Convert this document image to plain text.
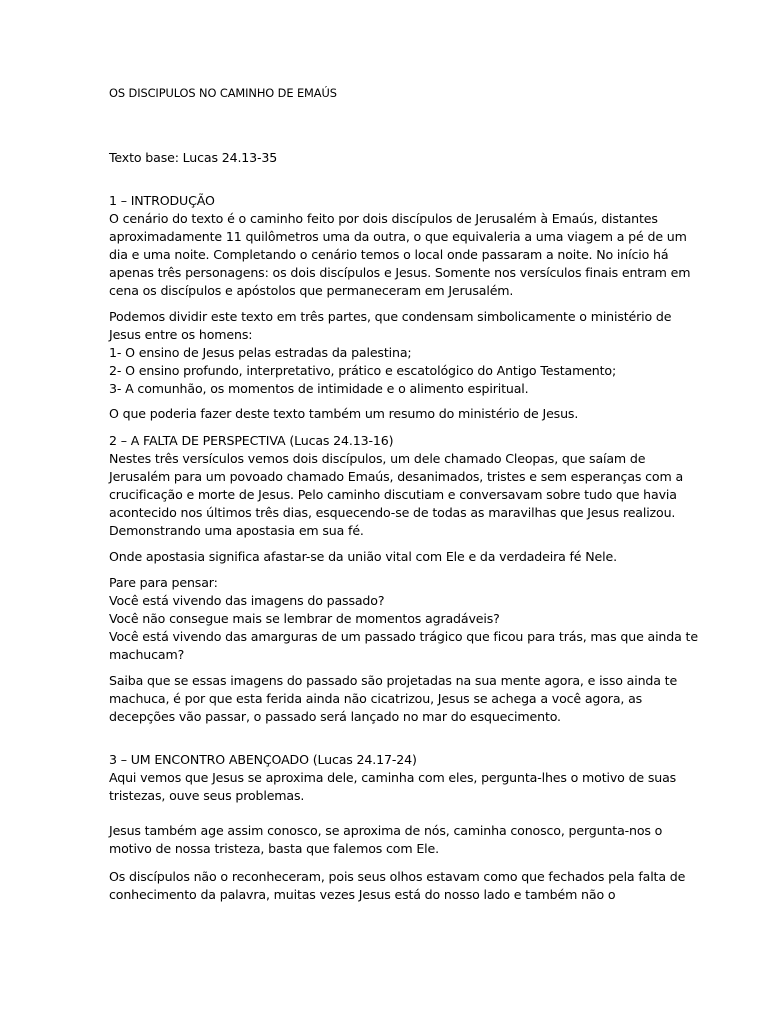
OS DISCIPULOS NO CAMINHO DE EMAÚS

Texto base: Lucas 24.13-35

1 – INTRODUÇÃO
O cenário do texto é o caminho feito por dois discípulos de Jerusalém à Emaús, distantes
aproximadamente 11 quilômetros uma da outra, o que equivaleria a uma viagem a pé de um
dia e uma noite. Completando o cenário temos o local onde passaram a noite. No início há
apenas três personagens: os dois discípulos e Jesus. Somente nos versículos finais entram em
cena os discípulos e apóstolos que permaneceram em Jerusalém.

Podemos dividir este texto em três partes, que condensam simbolicamente o ministério de
Jesus entre os homens:
1- O ensino de Jesus pelas estradas da palestina;
2- O ensino profundo, interpretativo, prático e escatológico do Antigo Testamento;
3- A comunhão, os momentos de intimidade e o alimento espiritual.

O que poderia fazer deste texto também um resumo do ministério de Jesus.

2 – A FALTA DE PERSPECTIVA (Lucas 24.13-16)
Nestes três versículos vemos dois discípulos, um dele chamado Cleopas, que saíam de
Jerusalém para um povoado chamado Emaús, desanimados, tristes e sem esperanças com a
crucificação e morte de Jesus. Pelo caminho discutiam e conversavam sobre tudo que havia
acontecido nos últimos três dias, esquecendo-se de todas as maravilhas que Jesus realizou.
Demonstrando uma apostasia em sua fé.

Onde apostasia significa afastar-se da união vital com Ele e da verdadeira fé Nele.

Pare para pensar:
Você está vivendo das imagens do passado?
Você não consegue mais se lembrar de momentos agradáveis?
Você está vivendo das amarguras de um passado trágico que ficou para trás, mas que ainda te
machucam?

Saiba que se essas imagens do passado são projetadas na sua mente agora, e isso ainda te
machuca, é por que esta ferida ainda não cicatrizou, Jesus se achega a você agora, as
decepções vão passar, o passado será lançado no mar do esquecimento.

3 – UM ENCONTRO ABENÇOADO (Lucas 24.17-24)
Aqui vemos que Jesus se aproxima dele, caminha com eles, pergunta-lhes o motivo de suas
tristezas, ouve seus problemas.

Jesus também age assim conosco, se aproxima de nós, caminha conosco, pergunta-nos o
motivo de nossa tristeza, basta que falemos com Ele.

Os discípulos não o reconheceram, pois seus olhos estavam como que fechados pela falta de
conhecimento da palavra, muitas vezes Jesus está do nosso lado e também não o
